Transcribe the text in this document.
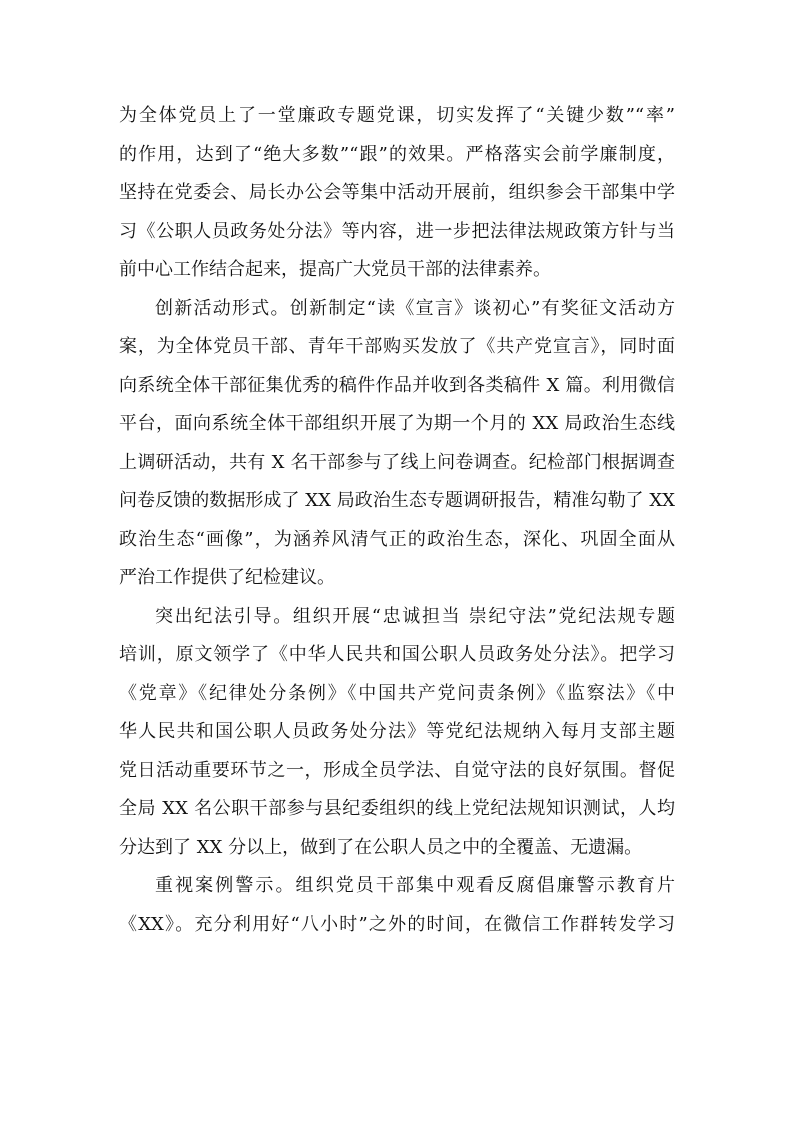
为全体党员上了一堂廉政专题党课，切实发挥了“关键少数”“率”
的作用，达到了“绝大多数”“跟”的效果。严格落实会前学廉制度，
坚持在党委会、局长办公会等集中活动开展前，组织参会干部集中学
习《公职人员政务处分法》等内容，进一步把法律法规政策方针与当
前中心工作结合起来，提高广大党员干部的法律素养。
创新活动形式。创新制定“读《宣言》谈初心”有奖征文活动方
案，为全体党员干部、青年干部购买发放了《共产党宣言》，同时面
向系统全体干部征集优秀的稿件作品并收到各类稿件 X 篇。利用微信
平台，面向系统全体干部组织开展了为期一个月的 XX 局政治生态线
上调研活动，共有 X 名干部参与了线上问卷调查。纪检部门根据调查
问卷反馈的数据形成了 XX 局政治生态专题调研报告，精准勾勒了 XX
政治生态“画像”，为涵养风清气正的政治生态，深化、巩固全面从
严治工作提供了纪检建议。
突出纪法引导。组织开展“忠诚担当 崇纪守法”党纪法规专题
培训，原文领学了《中华人民共和国公职人员政务处分法》。把学习
《党章》《纪律处分条例》《中国共产党问责条例》《监察法》《中
华人民共和国公职人员政务处分法》等党纪法规纳入每月支部主题
党日活动重要环节之一，形成全员学法、自觉守法的良好氛围。督促
全局 XX 名公职干部参与县纪委组织的线上党纪法规知识测试，人均
分达到了 XX 分以上，做到了在公职人员之中的全覆盖、无遗漏。
重视案例警示。组织党员干部集中观看反腐倡廉警示教育片
《XX》。充分利用好“八小时”之外的时间，在微信工作群转发学习
